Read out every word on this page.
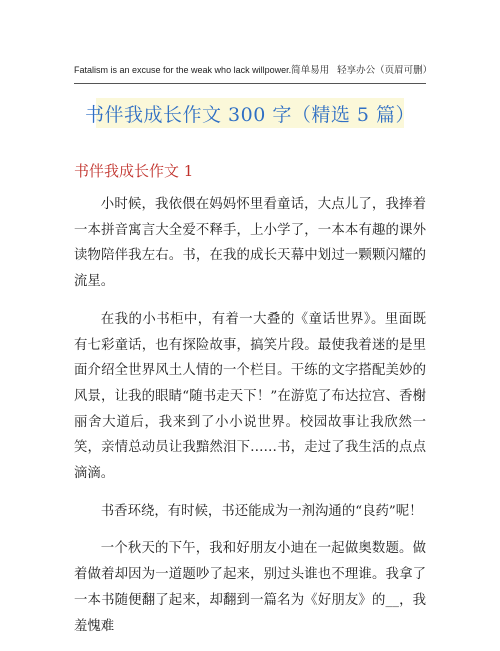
Fatalism is an excuse for the weak who lack willpower.简单易用 轻享办公（页眉可删）
书伴我成长作文 300 字（精选 5 篇）
书伴我成长作文 1

小时候，我依偎在妈妈怀里看童话，大点儿了，我捧着一本拼音寓言大全爱不释手，上小学了，一本本有趣的课外读物陪伴我左右。书，在我的成长天幕中划过一颗颗闪耀的流星。

在我的小书柜中，有着一大叠的《童话世界》。里面既有七彩童话，也有探险故事，搞笑片段。最使我着迷的是里面介绍全世界风土人情的一个栏目。干练的文字搭配美妙的风景，让我的眼睛“随书走天下！”在游览了布达拉宫、香榭丽舍大道后，我来到了小小说世界。校园故事让我欣然一笑，亲情总动员让我黯然泪下……书，走过了我生活的点点滴滴。

书香环绕，有时候，书还能成为一剂沟通的“良药”呢！

一个秋天的下午，我和好朋友小迪在一起做奥数题。做着做着却因为一道题吵了起来，别过头谁也不理谁。我拿了一本书随便翻了起来，却翻到一篇名为《好朋友》的__，我羞愧难
